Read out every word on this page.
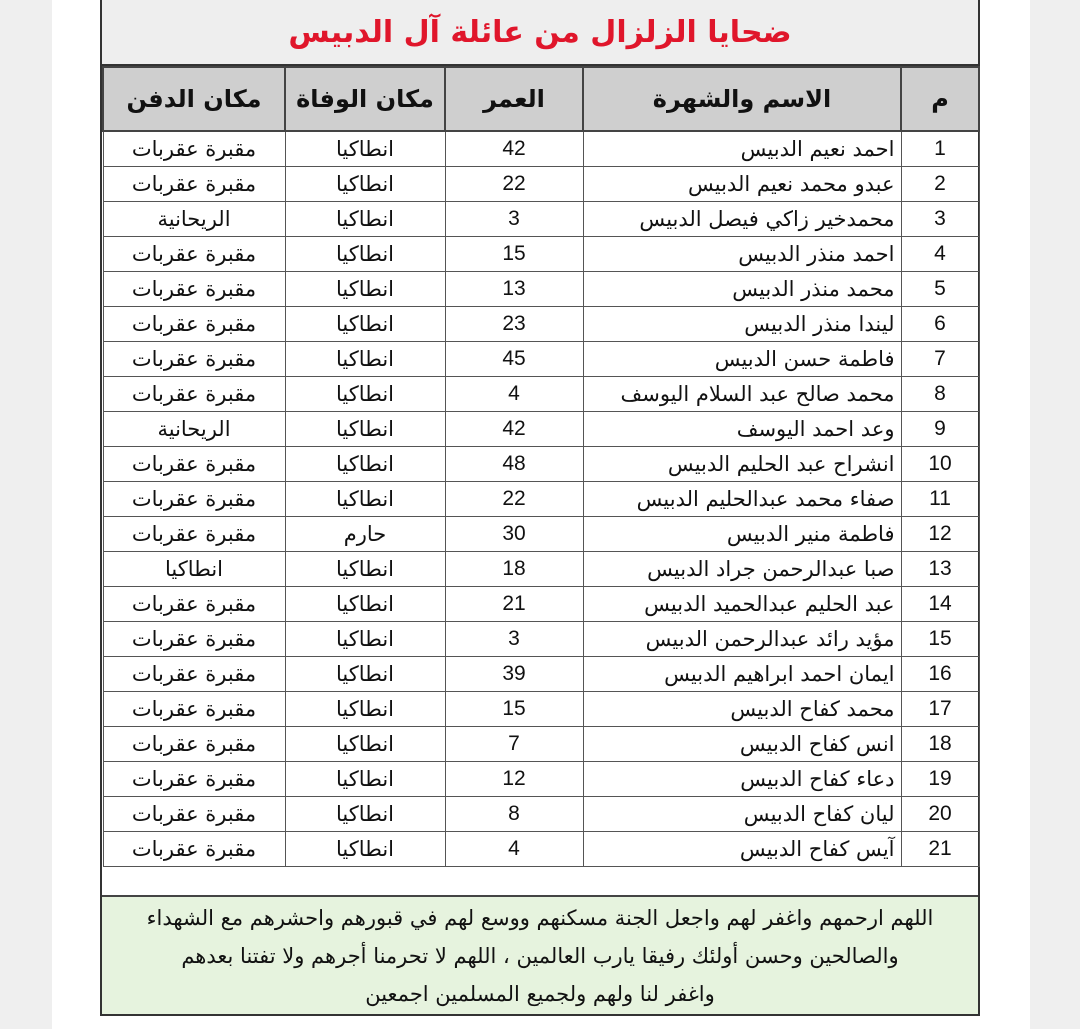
ضحايا الزلزال من عائلة آل الدبيس
م	الاسم والشهرة	العمر	مكان الوفاة	مكان الدفن
1	احمد نعيم الدبيس	42	انطاكيا	مقبرة عقربات
2	عبدو محمد نعيم الدبيس	22	انطاكيا	مقبرة عقربات
3	محمدخير زاكي فيصل الدبيس	3	انطاكيا	الريحانية
4	احمد منذر الدبيس	15	انطاكيا	مقبرة عقربات
5	محمد منذر الدبيس	13	انطاكيا	مقبرة عقربات
6	ليندا منذر الدبيس	23	انطاكيا	مقبرة عقربات
7	فاطمة حسن الدبيس	45	انطاكيا	مقبرة عقربات
8	محمد صالح عبد السلام اليوسف	4	انطاكيا	مقبرة عقربات
9	وعد احمد اليوسف	42	انطاكيا	الريحانية
10	انشراح عبد الحليم الدبيس	48	انطاكيا	مقبرة عقربات
11	صفاء محمد عبدالحليم الدبيس	22	انطاكيا	مقبرة عقربات
12	فاطمة منير الدبيس	30	حارم	مقبرة عقربات
13	صبا عبدالرحمن جراد الدبيس	18	انطاكيا	انطاكيا
14	عبد الحليم عبدالحميد الدبيس	21	انطاكيا	مقبرة عقربات
15	مؤيد رائد عبدالرحمن الدبيس	3	انطاكيا	مقبرة عقربات
16	ايمان احمد ابراهيم الدبيس	39	انطاكيا	مقبرة عقربات
17	محمد كفاح الدبيس	15	انطاكيا	مقبرة عقربات
18	انس كفاح الدبيس	7	انطاكيا	مقبرة عقربات
19	دعاء كفاح الدبيس	12	انطاكيا	مقبرة عقربات
20	ليان كفاح الدبيس	8	انطاكيا	مقبرة عقربات
21	آيس كفاح الدبيس	4	انطاكيا	مقبرة عقربات
اللهم ارحمهم واغفر لهم واجعل الجنة مسكنهم ووسع لهم في قبورهم واحشرهم مع الشهداء
والصالحين وحسن أولئك رفيقا يارب العالمين ، اللهم لا تحرمنا أجرهم ولا تفتنا بعدهم
واغفر لنا ولهم ولجميع المسلمين اجمعين
